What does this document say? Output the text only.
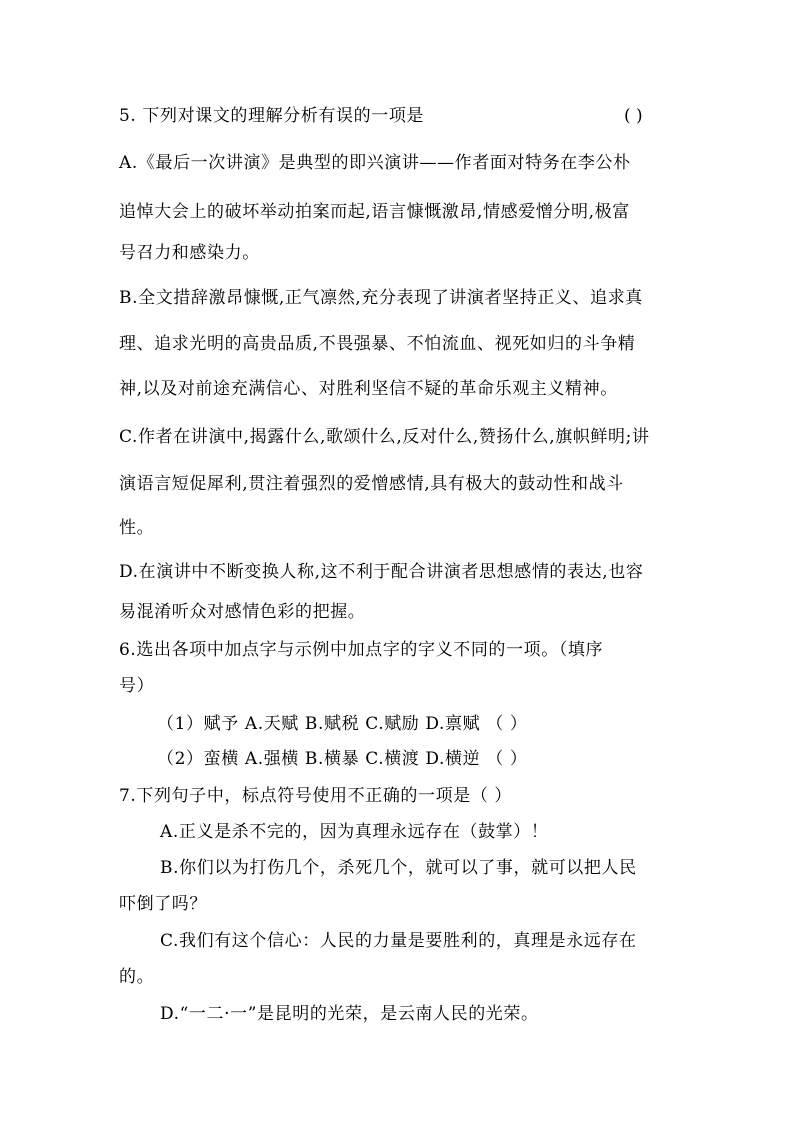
5. 下列对课文的理解分析有误的一项是	( )
A.《最后一次讲演》是典型的即兴演讲——作者面对特务在李公朴
追悼大会上的破坏举动拍案而起,语言慷慨激昂,情感爱憎分明,极富
号召力和感染力。
B.全文措辞激昂慷慨,正气凛然,充分表现了讲演者坚持正义、追求真
理、追求光明的高贵品质,不畏强暴、不怕流血、视死如归的斗争精
神,以及对前途充满信心、对胜利坚信不疑的革命乐观主义精神。
C.作者在讲演中,揭露什么,歌颂什么,反对什么,赞扬什么,旗帜鲜明;讲
演语言短促犀利,贯注着强烈的爱憎感情,具有极大的鼓动性和战斗
性。
D.在演讲中不断变换人称,这不利于配合讲演者思想感情的表达,也容
易混淆听众对感情色彩的把握。
6.选出各项中加点字与示例中加点字的字义不同的一项。（填序
号）
（1）赋予 A.天赋 B.赋税 C.赋励 D.禀赋 （ ）
（2）蛮横 A.强横 B.横暴 C.横渡 D.横逆 （ ）
7.下列句子中，标点符号使用不正确的一项是（ ）
A.正义是杀不完的，因为真理永远存在（鼓掌）！
B.你们以为打伤几个，杀死几个，就可以了事，就可以把人民
吓倒了吗？
C.我们有这个信心：人民的力量是要胜利的，真理是永远存在
的。
D.“一二·一”是昆明的光荣，是云南人民的光荣。
